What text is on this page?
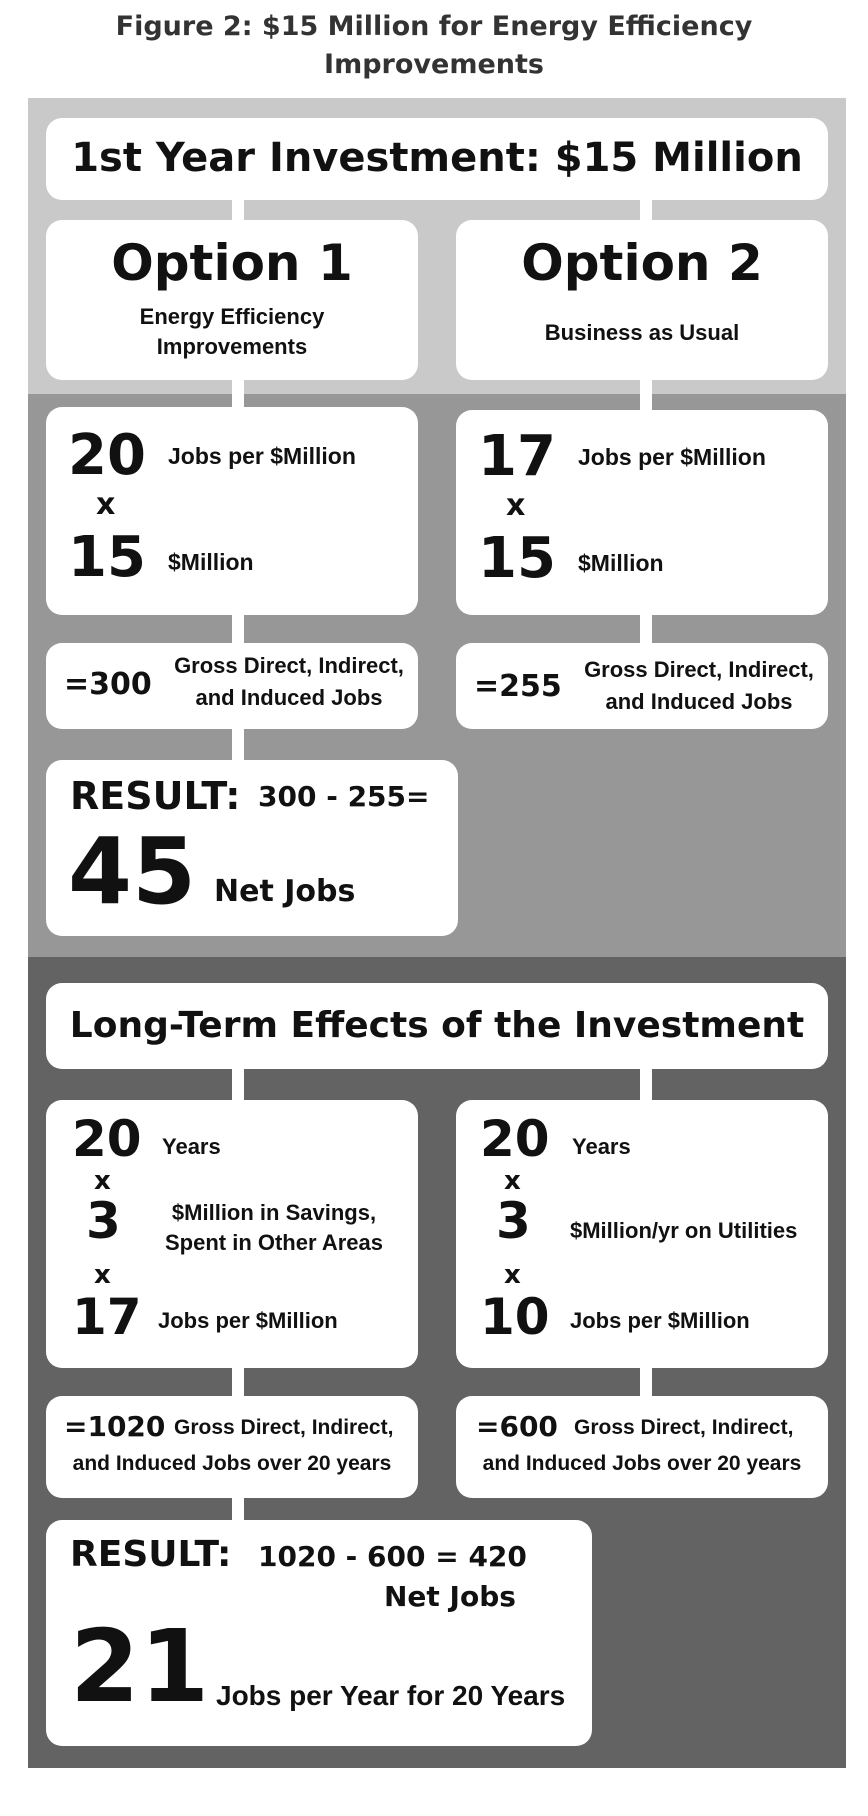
Figure 2: $15 Million for Energy Efficiency
Improvements
1st Year Investment: $15 Million
Option 1
Energy Efficiency
Improvements
Option 2
Business as Usual
20 Jobs per $Million
x
15 $Million
17 Jobs per $Million
x
15 $Million
=300
Gross Direct, Indirect,
and Induced Jobs	=255	Gross Direct, Indirect,
and Induced Jobs
RESULT: 300 - 255=
45 Net Jobs
Long-Term Effects of the Investment
20 Years
x
3	$Million in Savings,
Spent in Other Areas
x
17 Jobs per $Million
20 Years
x
3 $Million/yr on Utilities
x
10 Jobs per $Million
=1020 Gross Direct, Indirect,
and Induced Jobs over 20 years
=600 Gross Direct, Indirect,
and Induced Jobs over 20 years
RESULT: 1020 - 600 = 420
Net Jobs
21 Jobs per Year for 20 Years
